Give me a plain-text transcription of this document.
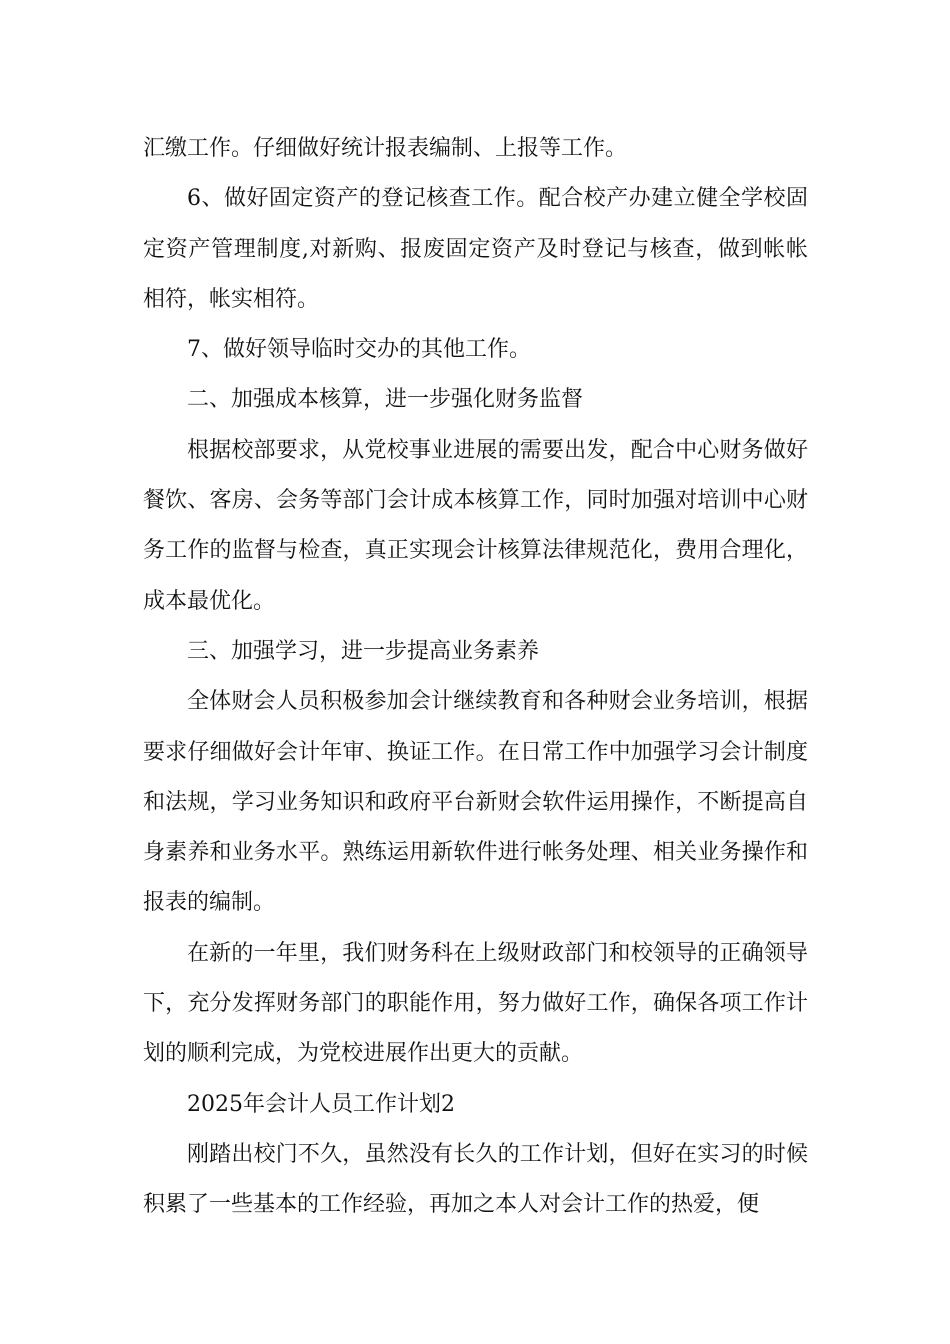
汇缴工作。仔细做好统计报表编制、上报等工作。

6、做好固定资产的登记核查工作。配合校产办建立健全学校固定资产管理制度,对新购、报废固定资产及时登记与核查，做到帐帐相符，帐实相符。

7、做好领导临时交办的其他工作。

二、加强成本核算，进一步强化财务监督

根据校部要求，从党校事业进展的需要出发，配合中心财务做好餐饮、客房、会务等部门会计成本核算工作，同时加强对培训中心财务工作的监督与检查，真正实现会计核算法律规范化，费用合理化，成本最优化。

三、加强学习，进一步提高业务素养

全体财会人员积极参加会计继续教育和各种财会业务培训，根据要求仔细做好会计年审、换证工作。在日常工作中加强学习会计制度和法规，学习业务知识和政府平台新财会软件运用操作，不断提高自身素养和业务水平。熟练运用新软件进行帐务处理、相关业务操作和报表的编制。

在新的一年里，我们财务科在上级财政部门和校领导的正确领导下，充分发挥财务部门的职能作用，努力做好工作，确保各项工作计划的顺利完成，为党校进展作出更大的贡献。

2025年会计人员工作计划2

刚踏出校门不久，虽然没有长久的工作计划，但好在实习的时候积累了一些基本的工作经验，再加之本人对会计工作的热爱，便
